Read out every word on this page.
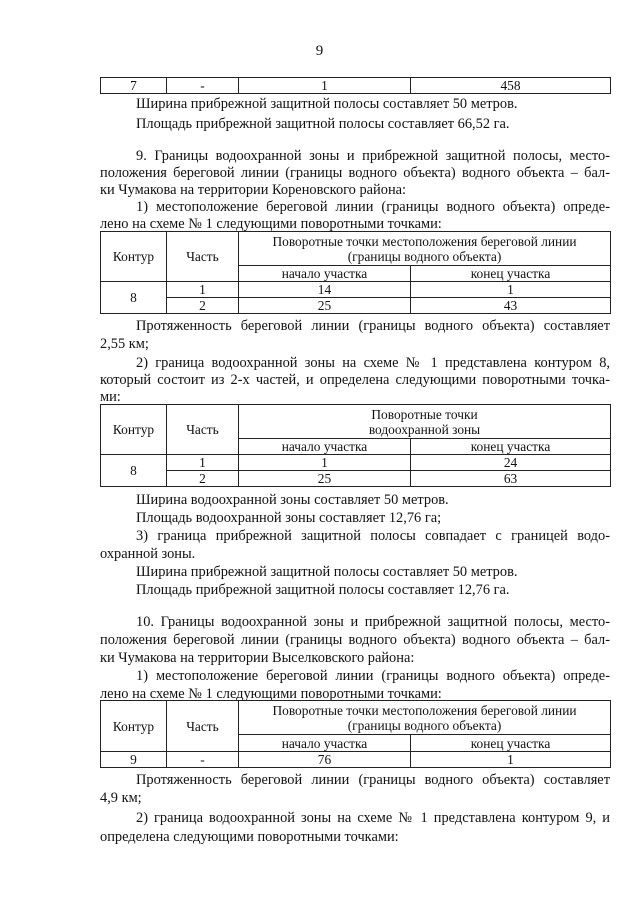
9
7	-	1	458
Ширина прибрежной защитной полосы составляет 50 метров.
Площадь прибрежной защитной полосы составляет 66,52 га.
9. Границы водоохранной зоны и прибрежной защитной полосы, место-
положения береговой линии (границы водного объекта) водного объекта – бал-
ки Чумакова на территории Кореновского района:
1) местоположение береговой линии (границы водного объекта) опреде-
лено на схеме № 1 следующими поворотными точками:
Контур	Часть	Поворотные точки местоположения береговой линии
(границы водного объекта)	
		начало участка	конец участка
8	1	14	1
	2	25	43
Протяженность береговой линии (границы водного объекта) составляет
2,55 км;
2) граница водоохранной зоны на схеме № 1 представлена контуром 8,
который состоит из 2-х частей, и определена следующими поворотными точка-
ми:
Контур	Часть	Поворотные точки
водоохранной зоны	
		начало участка	конец участка
8	1	1	24
	2	25	63
Ширина водоохранной зоны составляет 50 метров.
Площадь водоохранной зоны составляет 12,76 га;
3) граница прибрежной защитной полосы совпадает с границей водо-
охранной зоны.
Ширина прибрежной защитной полосы составляет 50 метров.
Площадь прибрежной защитной полосы составляет 12,76 га.
10. Границы водоохранной зоны и прибрежной защитной полосы, место-
положения береговой линии (границы водного объекта) водного объекта – бал-
ки Чумакова на территории Выселковского района:
1) местоположение береговой линии (границы водного объекта) опреде-
лено на схеме № 1 следующими поворотными точками:
Контур	Часть	Поворотные точки местоположения береговой линии
(границы водного объекта)	
		начало участка	конец участка
9	-	76	1
Протяженность береговой линии (границы водного объекта) составляет
4,9 км;
2) граница водоохранной зоны на схеме № 1 представлена контуром 9, и
определена следующими поворотными точками:
